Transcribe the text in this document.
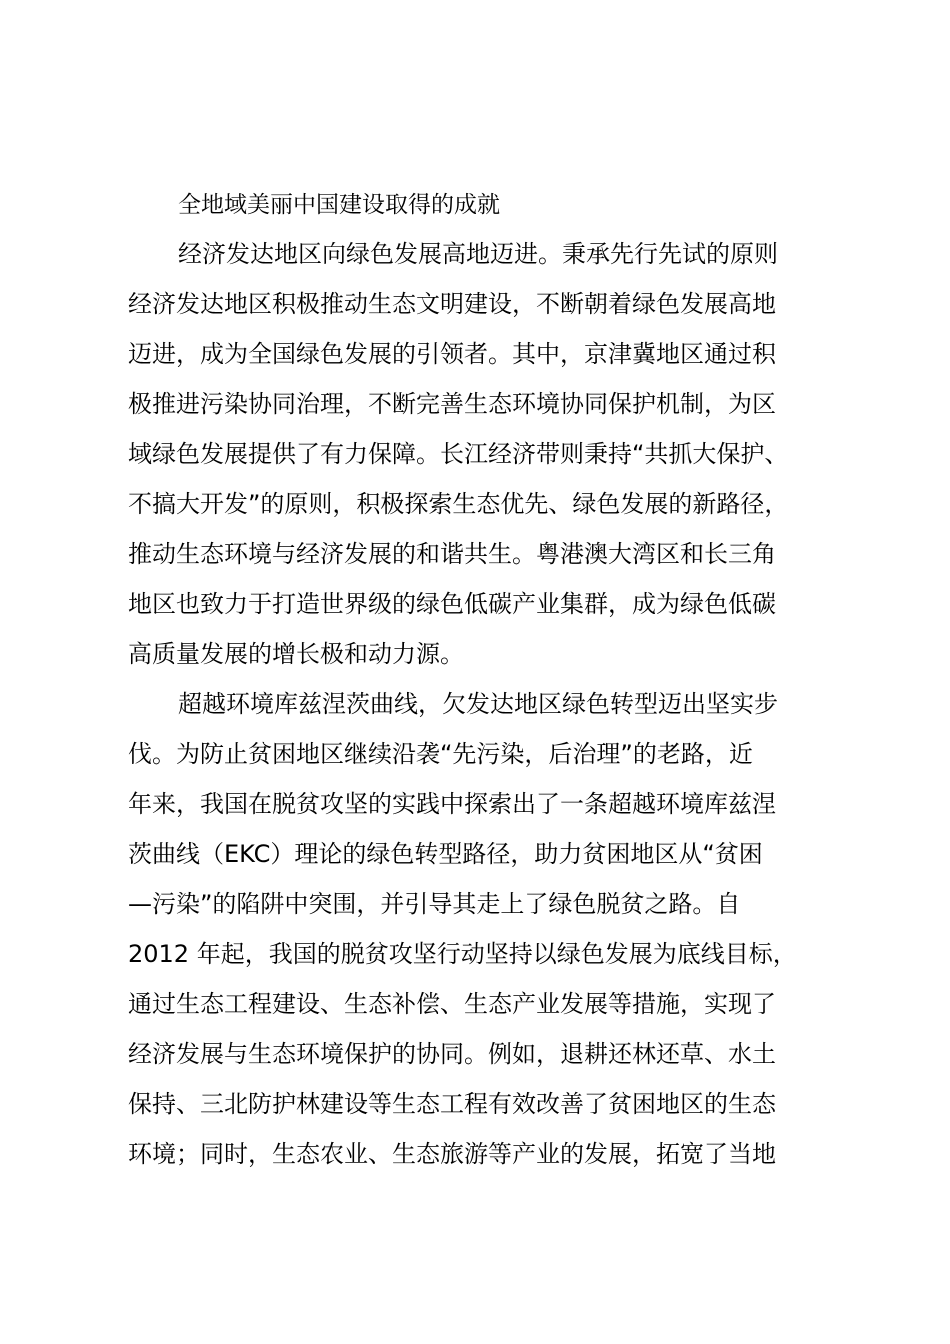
全地域美丽中国建设取得的成就
经济发达地区向绿色发展高地迈进。秉承先行先试的原则
经济发达地区积极推动生态文明建设，不断朝着绿色发展高地
迈进，成为全国绿色发展的引领者。其中，京津冀地区通过积
极推进污染协同治理，不断完善生态环境协同保护机制，为区
域绿色发展提供了有力保障。长江经济带则秉持“共抓大保护、
不搞大开发”的原则，积极探索生态优先、绿色发展的新路径，
推动生态环境与经济发展的和谐共生。粤港澳大湾区和长三角
地区也致力于打造世界级的绿色低碳产业集群，成为绿色低碳
高质量发展的增长极和动力源。
超越环境库兹涅茨曲线，欠发达地区绿色转型迈出坚实步
伐。为防止贫困地区继续沿袭“先污染，后治理”的老路，近
年来，我国在脱贫攻坚的实践中探索出了一条超越环境库兹涅
茨曲线（EKC）理论的绿色转型路径，助力贫困地区从“贫困
—污染”的陷阱中突围，并引导其走上了绿色脱贫之路。自
2012 年起，我国的脱贫攻坚行动坚持以绿色发展为底线目标，
通过生态工程建设、生态补偿、生态产业发展等措施，实现了
经济发展与生态环境保护的协同。例如，退耕还林还草、水土
保持、三北防护林建设等生态工程有效改善了贫困地区的生态
环境；同时，生态农业、生态旅游等产业的发展，拓宽了当地
